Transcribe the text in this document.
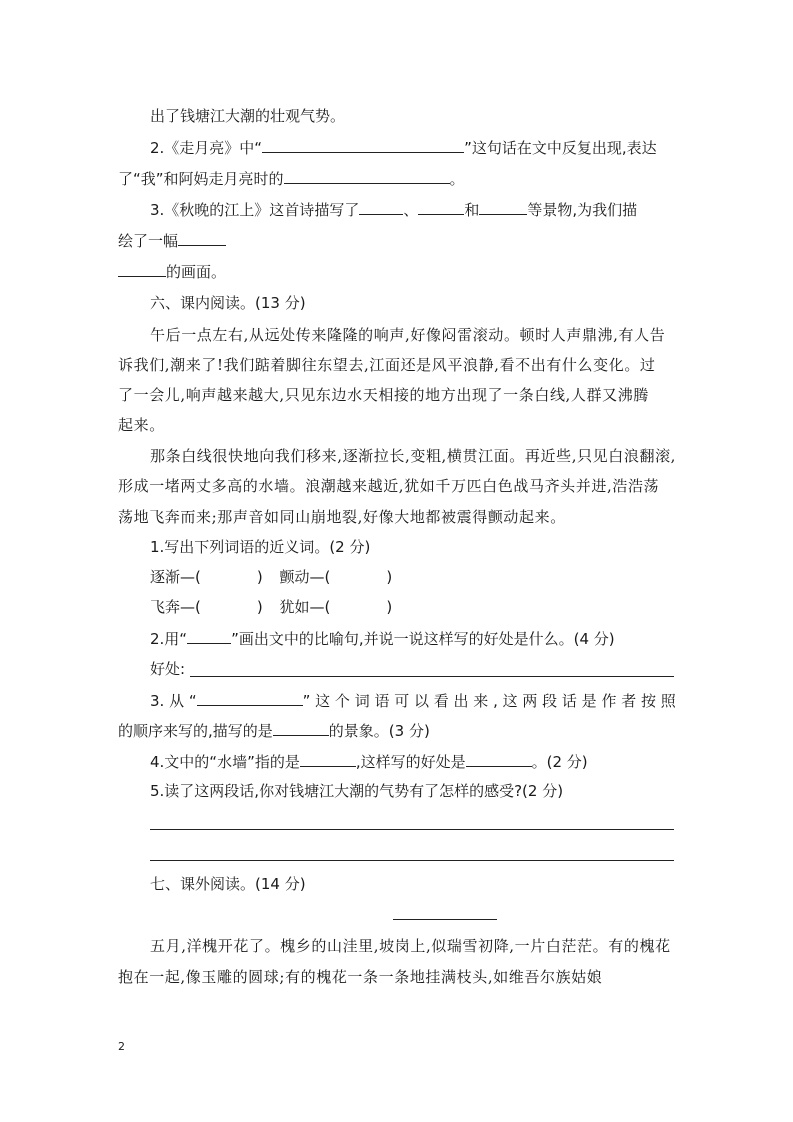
出了钱塘江大潮的壮观气势。
2.《走月亮》中“	”这句话在文中反复出现,表达
了“我”和阿妈走月亮时的	。
3.《秋晚的江上》这首诗描写了	、	和	等景物,为我们描
绘了一幅
的画面。
六、课内阅读。(13 分)
午后一点左右,从远处传来隆隆的响声,好像闷雷滚动。顿时人声鼎沸,有人告
诉我们,潮来了!我们踮着脚往东望去,江面还是风平浪静,看不出有什么变化。过
了一会儿,响声越来越大,只见东边水天相接的地方出现了一条白线,人群又沸腾
起来。
那条白线很快地向我们移来,逐渐拉长,变粗,横贯江面。再近些,只见白浪翻滚,
形成一堵两丈多高的水墙。浪潮越来越近,犹如千万匹白色战马齐头并进,浩浩荡
荡地飞奔而来;那声音如同山崩地裂,好像大地都被震得颤动起来。
1.写出下列词语的近义词。(2 分)
逐渐—(	) 颤动—(	)
飞奔—(	) 犹如—(	)
2.用“	”画出文中的比喻句,并说一说这样写的好处是什么。(4 分)
好处:
3. 从 “	” 这 个 词 语 可 以 看 出 来 , 这 两 段 话 是 作 者 按 照
的顺序来写的,描写的是	的景象。(3 分)
4.文中的“水墙”指的是	,这样写的好处是	。(2 分)
5.读了这两段话,你对钱塘江大潮的气势有了怎样的感受?(2 分)
七、课外阅读。(14 分)
五月,洋槐开花了。槐乡的山洼里,坡岗上,似瑞雪初降,一片白茫茫。有的槐花
抱在一起,像玉雕的圆球;有的槐花一条一条地挂满枝头,如维吾尔族姑娘
2
